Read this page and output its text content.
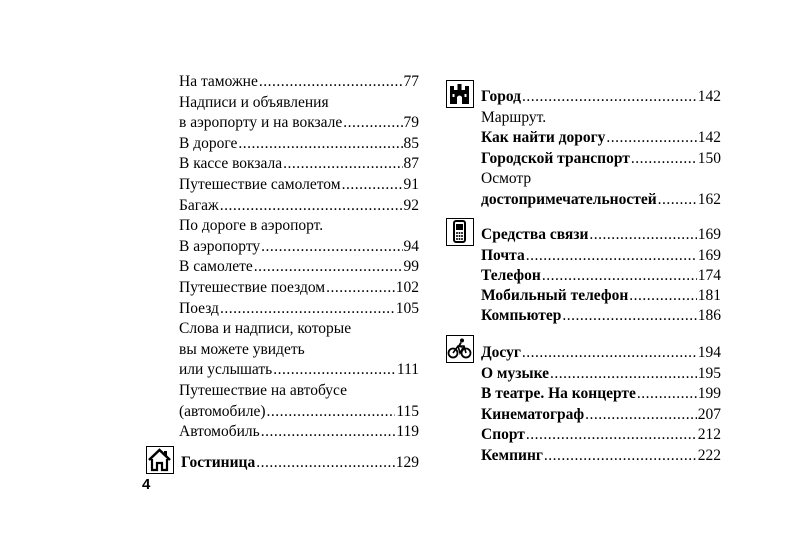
На таможне .....	77
Надписи и объявления
в аэропорту и на вокзале .....	79
В дороге .....	85
В кассе вокзала .....	87
Путешествие самолетом .....	91
Багаж .....	92
По дороге в аэропорт.
В аэропорту .....	94
В самолете .....	99
Путешествие поездом .....	102
Поезд .....	105
Слова и надписи, которые
вы можете увидеть
или услышать .....	111
Путешествие на автобусе
(автомобиле) .....	115
Автомобиль .....	119
Гостиница .....	129
Город .....	142
Маршрут.
Как найти дорогу .....	142
Городской транспорт .....	150
Осмотр
достопримечательностей .....	162
Средства связи .....	169
Почта .....	169
Телефон .....	174
Мобильный телефон .....	181
Компьютер .....	186
Досуг .....	194
О музыке .....	195
В театре. На концерте .....	199
Кинематограф .....	207
Спорт .....	212
Кемпинг .....	222
4
